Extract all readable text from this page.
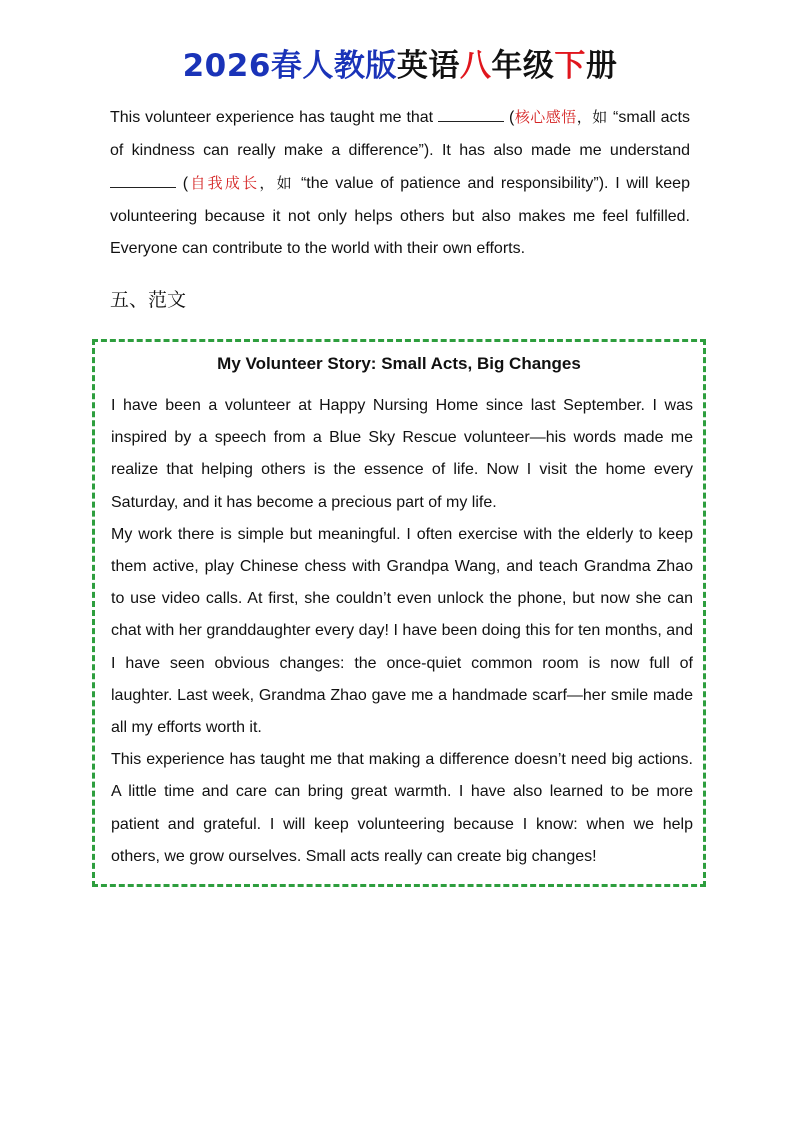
2026春人教版英语八年级下册
This volunteer experience has taught me that	(核心感悟，如 “small acts of kindness can really make a difference”). It has also made me understand  (自我成长，如 “the value of patience and responsibility”). I will keep volunteering because it not only helps others but also makes me feel fulfilled. Everyone can contribute to the world with their own efforts.
五、范文
My Volunteer Story: Small Acts, Big Changes

I have been a volunteer at Happy Nursing Home since last September. I was inspired by a speech from a Blue Sky Rescue volunteer—his words made me realize that helping others is the essence of life. Now I visit the home every Saturday, and it has become a precious part of my life.

My work there is simple but meaningful. I often exercise with the elderly to keep them active, play Chinese chess with Grandpa Wang, and teach Grandma Zhao to use video calls. At first, she couldn’t even unlock the phone, but now she can chat with her granddaughter every day! I have been doing this for ten months, and I have seen obvious changes: the once-quiet common room is now full of laughter. Last week, Grandma Zhao gave me a handmade scarf—her smile made all my efforts worth it.

This experience has taught me that making a difference doesn’t need big actions. A little time and care can bring great warmth. I have also learned to be more patient and grateful. I will keep volunteering because I know: when we help others, we grow ourselves. Small acts really can create big changes!
